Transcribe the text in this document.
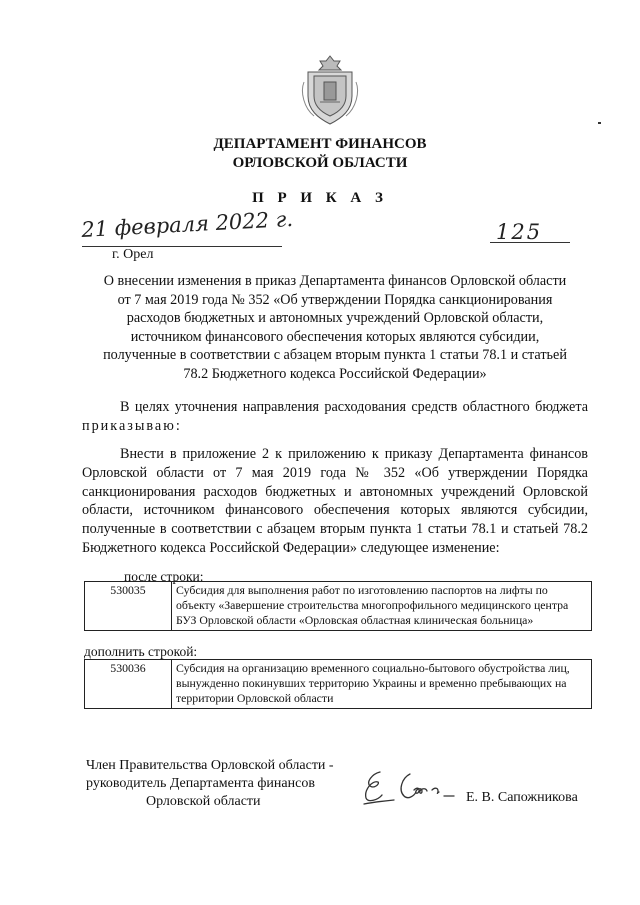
ДЕПАРТАМЕНТ ФИНАНСОВ
ОРЛОВСКОЙ ОБЛАСТИ
П Р И К А З
21 февраля 2022 г.	125
г. Орел
О внесении изменения в приказ Департамента финансов Орловской области
от 7 мая 2019 года № 352 «Об утверждении Порядка санкционирования
расходов бюджетных и автономных учреждений Орловской области,
источником финансового обеспечения которых являются субсидии,
полученные в соответствии с абзацем вторым пункта 1 статьи 78.1 и статьей
78.2 Бюджетного кодекса Российской Федерации»
В целях уточнения направления расходования средств областного бюджета приказываю:
Внести в приложение 2 к приложению к приказу Департамента финансов Орловской области от 7 мая 2019 года № 352 «Об утверждении Порядка санкционирования расходов бюджетных и автономных учреждений Орловской области, источником финансового обеспечения которых являются субсидии, полученные в соответствии с абзацем вторым пункта 1 статьи 78.1 и статьей 78.2 Бюджетного кодекса Российской Федерации» следующее изменение:
после строки:
530035	Субсидия для выполнения работ по изготовлению паспортов на лифты по объекту «Завершение строительства многопрофильного медицинского центра БУЗ Орловской области «Орловская областная клиническая больница»
дополнить строкой:
530036	Субсидия на организацию временного социально-бытового обустройства лиц, вынужденно покинувших территорию Украины и временно пребывающих на территории Орловской области
Член Правительства Орловской области -
руководитель Департамента финансов
Орловской области	Е. В. Сапожникова
